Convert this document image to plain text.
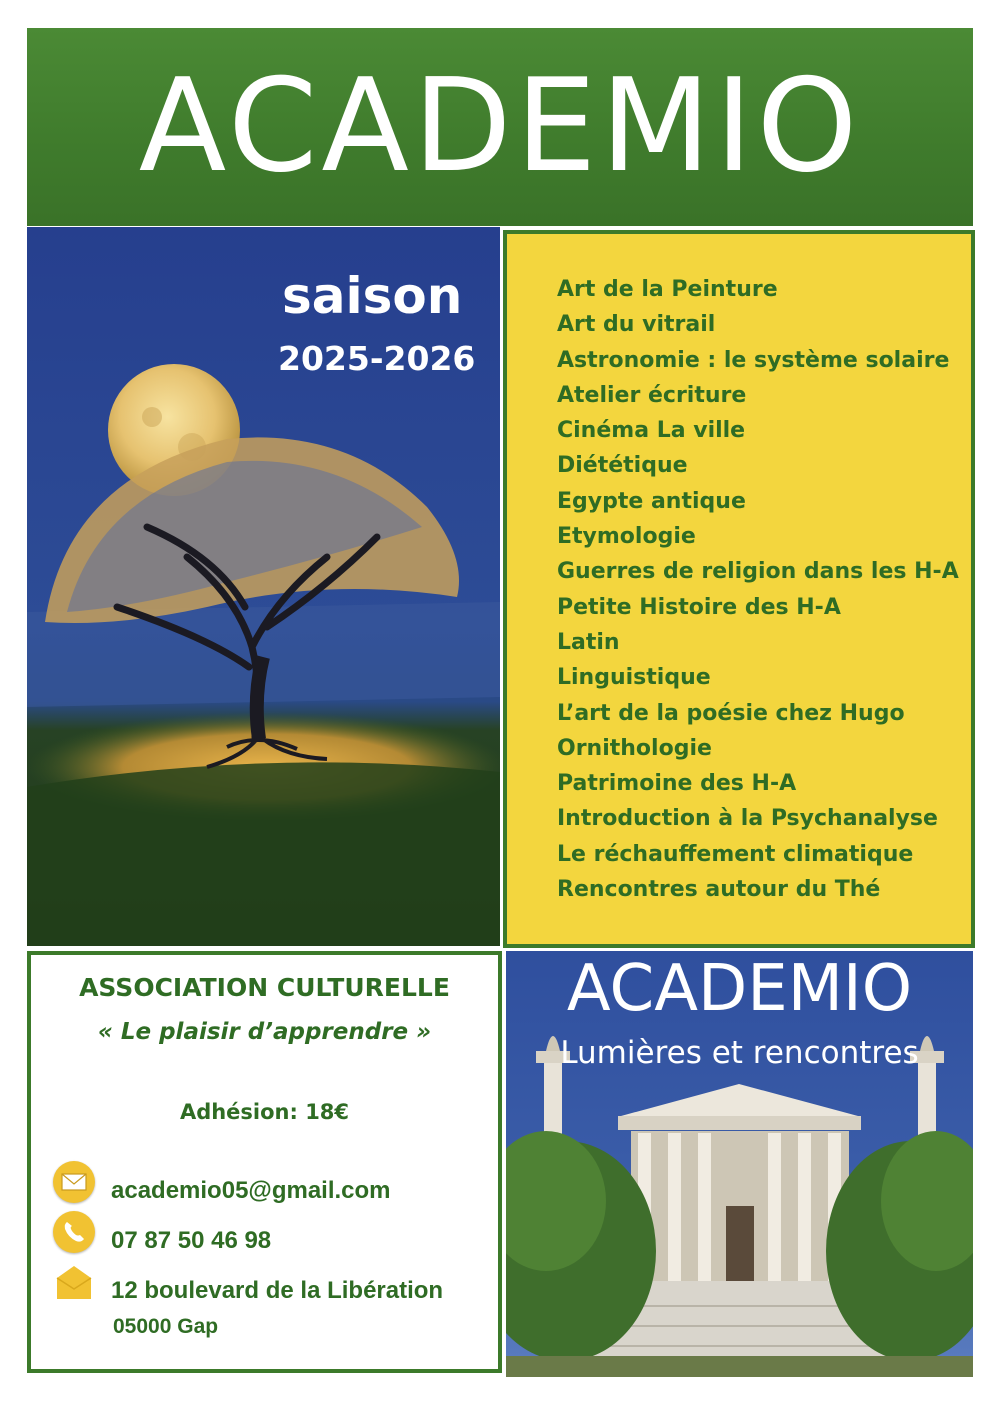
ACADEMIO
saison
2025-2026
Art de la Peinture
Art du vitrail
Astronomie : le système solaire
Atelier écriture
Cinéma La ville
Diététique
Egypte antique
Etymologie
Guerres de religion dans les H-A
Petite Histoire des H-A
Latin
Linguistique
L’art de la poésie chez Hugo
Ornithologie
Patrimoine des H-A
Introduction à la Psychanalyse
Le réchauffement climatique
Rencontres autour du Thé
ASSOCIATION CULTURELLE
« Le plaisir d’apprendre »
Adhésion: 18€
academio05@gmail.com
07 87 50 46 98
12 boulevard de la Libération
05000 Gap
ACADEMIO
Lumières et rencontres
